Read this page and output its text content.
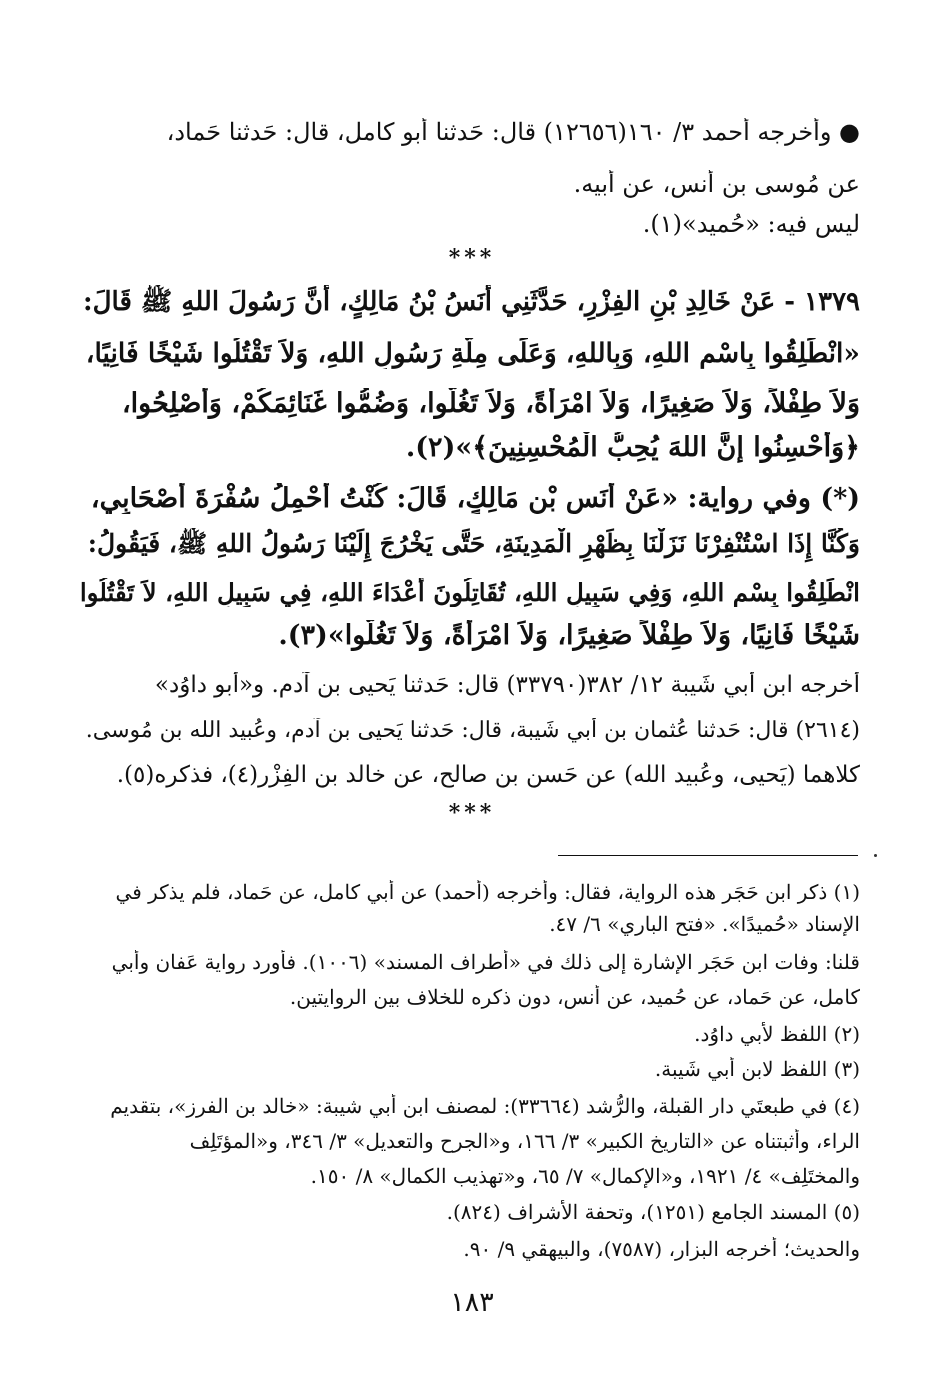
● وأخرجه أحمد ٣/ ١٦٠(١٢٦٥٦) قال: حَدثنا أبو كامل، قال: حَدثنا حَماد،
عن مُوسى بن أنس، عن أبيه.
ليس فيه: «حُميد»(١).
***
١٣٧٩ - عَنْ خَالِدِ بْنِ الفِزْرِ، حَدَّثَنِي أَنَسُ بْنُ مَالِكٍ، أَنَّ رَسُولَ اللهِ ﷺ قَالَ:
«انْطَلِقُوا بِاسْمِ اللهِ، وَبِاللهِ، وَعَلَى مِلَّةِ رَسُولِ اللهِ، وَلاَ تَقْتُلُوا شَيْخًا فَانِيًا،
وَلاَ طِفْلاً، وَلاَ صَغِيرًا، وَلاَ امْرَأَةً، وَلاَ تَغُلُّوا، وَضُمُّوا غَنَائِمَكُمْ، وَأَصْلِحُوا،
﴿وَأَحْسِنُوا إِنَّ اللهَ يُحِبُّ الْمُحْسِنِينَ﴾»(٢).
(*) وفي رواية: «عَنْ أَنَسِ بْنِ مَالِكٍ، قَالَ: كُنْتُ أَحْمِلُ سُفْرَةَ أَصْحَابِي،
وَكُنَّا إِذَا اسْتُنْفِرْنَا نَزَلْنَا بِظَهْرِ الْمَدِينَةِ، حَتَّى يَخْرُجَ إِلَيْنَا رَسُولُ اللهِ ﷺ، فَيَقُولُ:
انْطَلِقُوا بِسْمِ اللهِ، وَفِي سَبِيلِ اللهِ، تُقَاتِلُونَ أَعْدَاءَ اللهِ، فِي سَبِيلِ اللهِ، لاَ تَقْتُلُوا
شَيْخًا فَانِيًا، وَلاَ طِفْلاً صَغِيرًا، وَلاَ امْرَأَةً، وَلاَ تَغُلُّوا»(٣).
أخرجه ابن أبي شَيبة ١٢/ ٣٨٢(٣٣٧٩٠) قال: حَدثنا يَحيى بن آدم. و«أَبو داوُد»
(٢٦١٤) قال: حَدثنا عُثمان بن أبي شَيبة، قال: حَدثنا يَحيى بن آدم، وعُبيد الله بن مُوسى.
كلاهما (يَحيى، وعُبيد الله) عن حَسن بن صالح، عن خالد بن الفِزْر(٤)، فذكره(٥).
***
(١) ذكر ابن حَجَر هذه الرواية، فقال: وأخرجه (أحمد) عن أبي كامل، عن حَماد، فلم يذكر في
الإِسناد «حُميدًا». «فتح الباري» ٦/ ٤٧.
قلنا: وفات ابن حَجَر الإشارة إلى ذلك في «أطراف المسند» (١٠٠٦). فأورد رواية عَفان وأبي
كامل، عن حَماد، عن حُميد، عن أنس، دون ذكره للخلاف بين الروايتين.
(٢) اللفظ لأبي داوُد.
(٣) اللفظ لابن أبي شَيبة.
(٤) في طبعتَي دار القبلة، والرُّشد (٣٣٦٦٤): لمصنف ابن أبي شيبة: «خالد بن الفرز»، بتقديم
الراء، وأثبتناه عن «التاريخ الكبير» ٣/ ١٦٦، و«الجرح والتعديل» ٣/ ٣٤٦، و«المؤتَلِف
والمختَلِف» ٤/ ١٩٢١، و«الإكمال» ٧/ ٦٥، و«تهذيب الكمال» ٨/ ١٥٠.
(٥) المسند الجامع (١٢٥١)، وتحفة الأشراف (٨٢٤).
والحديث؛ أخرجه البزار، (٧٥٨٧)، والبيهقي ٩/ ٩٠.
١٨٣
